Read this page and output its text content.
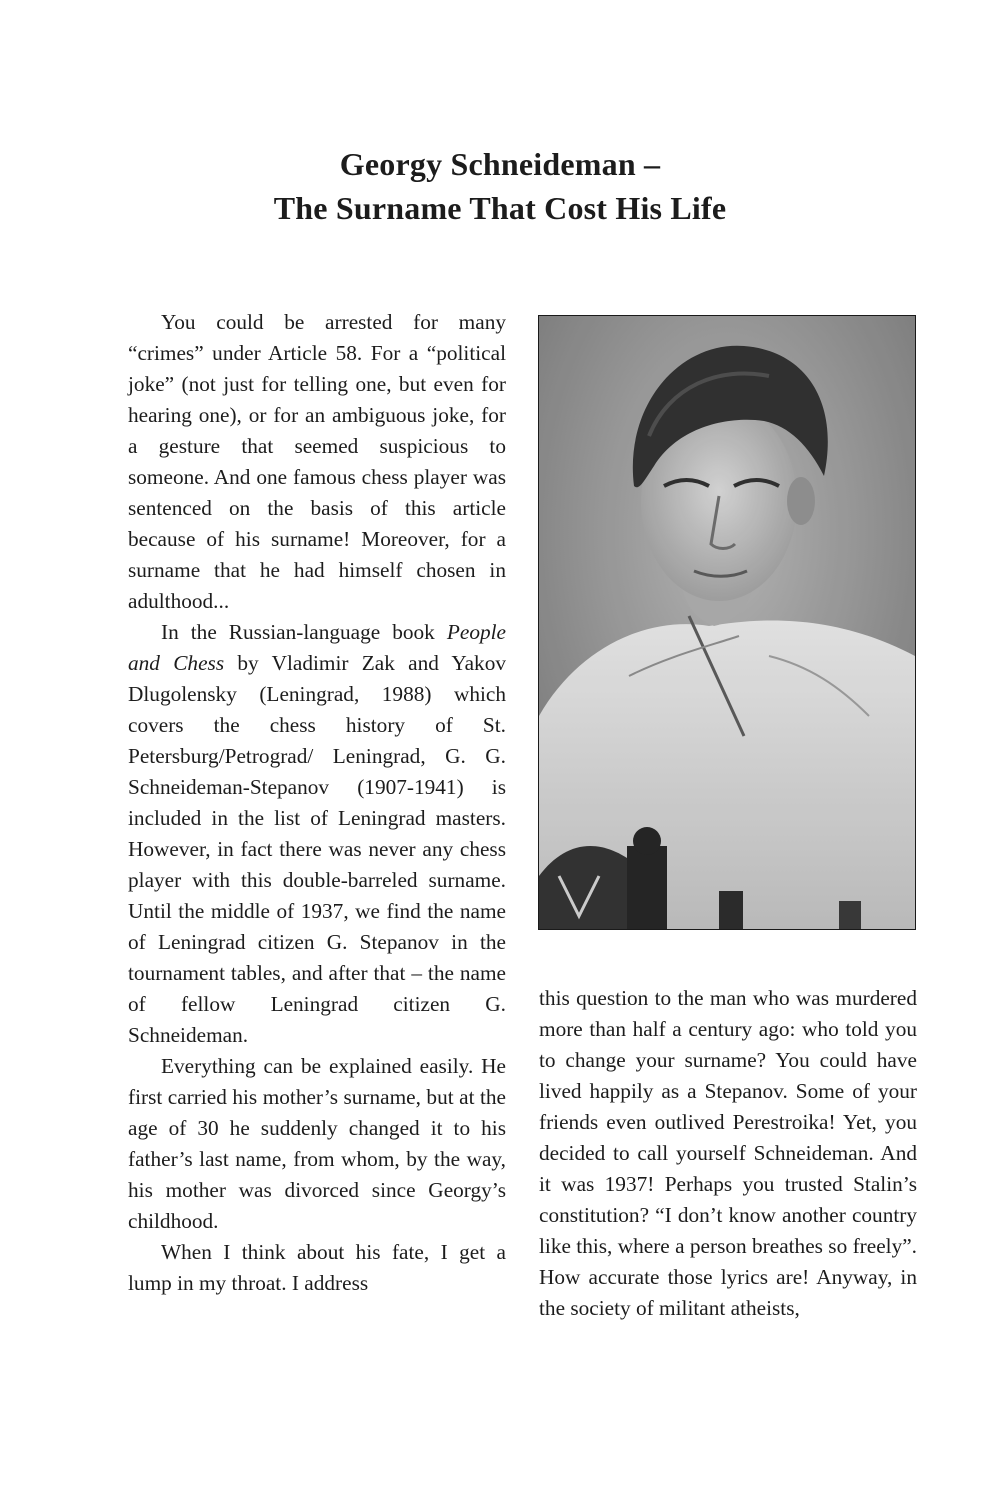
Georgy Schneideman –
The Surname That Cost His Life

You could be arrested for many “crimes” under Article 58. For a “political joke” (not just for telling one, but even for hearing one), or for an ambiguous joke, for a gesture that seemed suspicious to someone. And one famous chess player was sentenced on the basis of this article because of his surname! Moreover, for a surname that he had himself chosen in adulthood...

In the Russian-language book People and Chess by Vladimir Zak and Yakov Dlugolensky (Leningrad, 1988) which covers the chess history of St. Petersburg/Petrograd/ Leningrad, G. G. Schneideman-Stepanov (1907-1941) is included in the list of Leningrad masters. However, in fact there was never any chess player with this double-barreled surname. Until the middle of 1937, we find the name of Leningrad citizen G. Stepanov in the tournament tables, and after that – the name of fellow Leningrad citizen G. Schneideman.

Everything can be explained easily. He first carried his mother’s surname, but at the age of 30 he suddenly changed it to his father’s last name, from whom, by the way, his mother was divorced since Georgy’s childhood.

When I think about his fate, I get a lump in my throat. I address

this question to the man who was murdered more than half a century ago: who told you to change your surname? You could have lived happily as a Stepanov. Some of your friends even outlived Perestroika! Yet, you decided to call yourself Schneideman. And it was 1937! Perhaps you trusted Stalin’s constitution? “I don’t know another country like this, where a person breathes so freely”. How accurate those lyrics are! Anyway, in the society of militant atheists,
